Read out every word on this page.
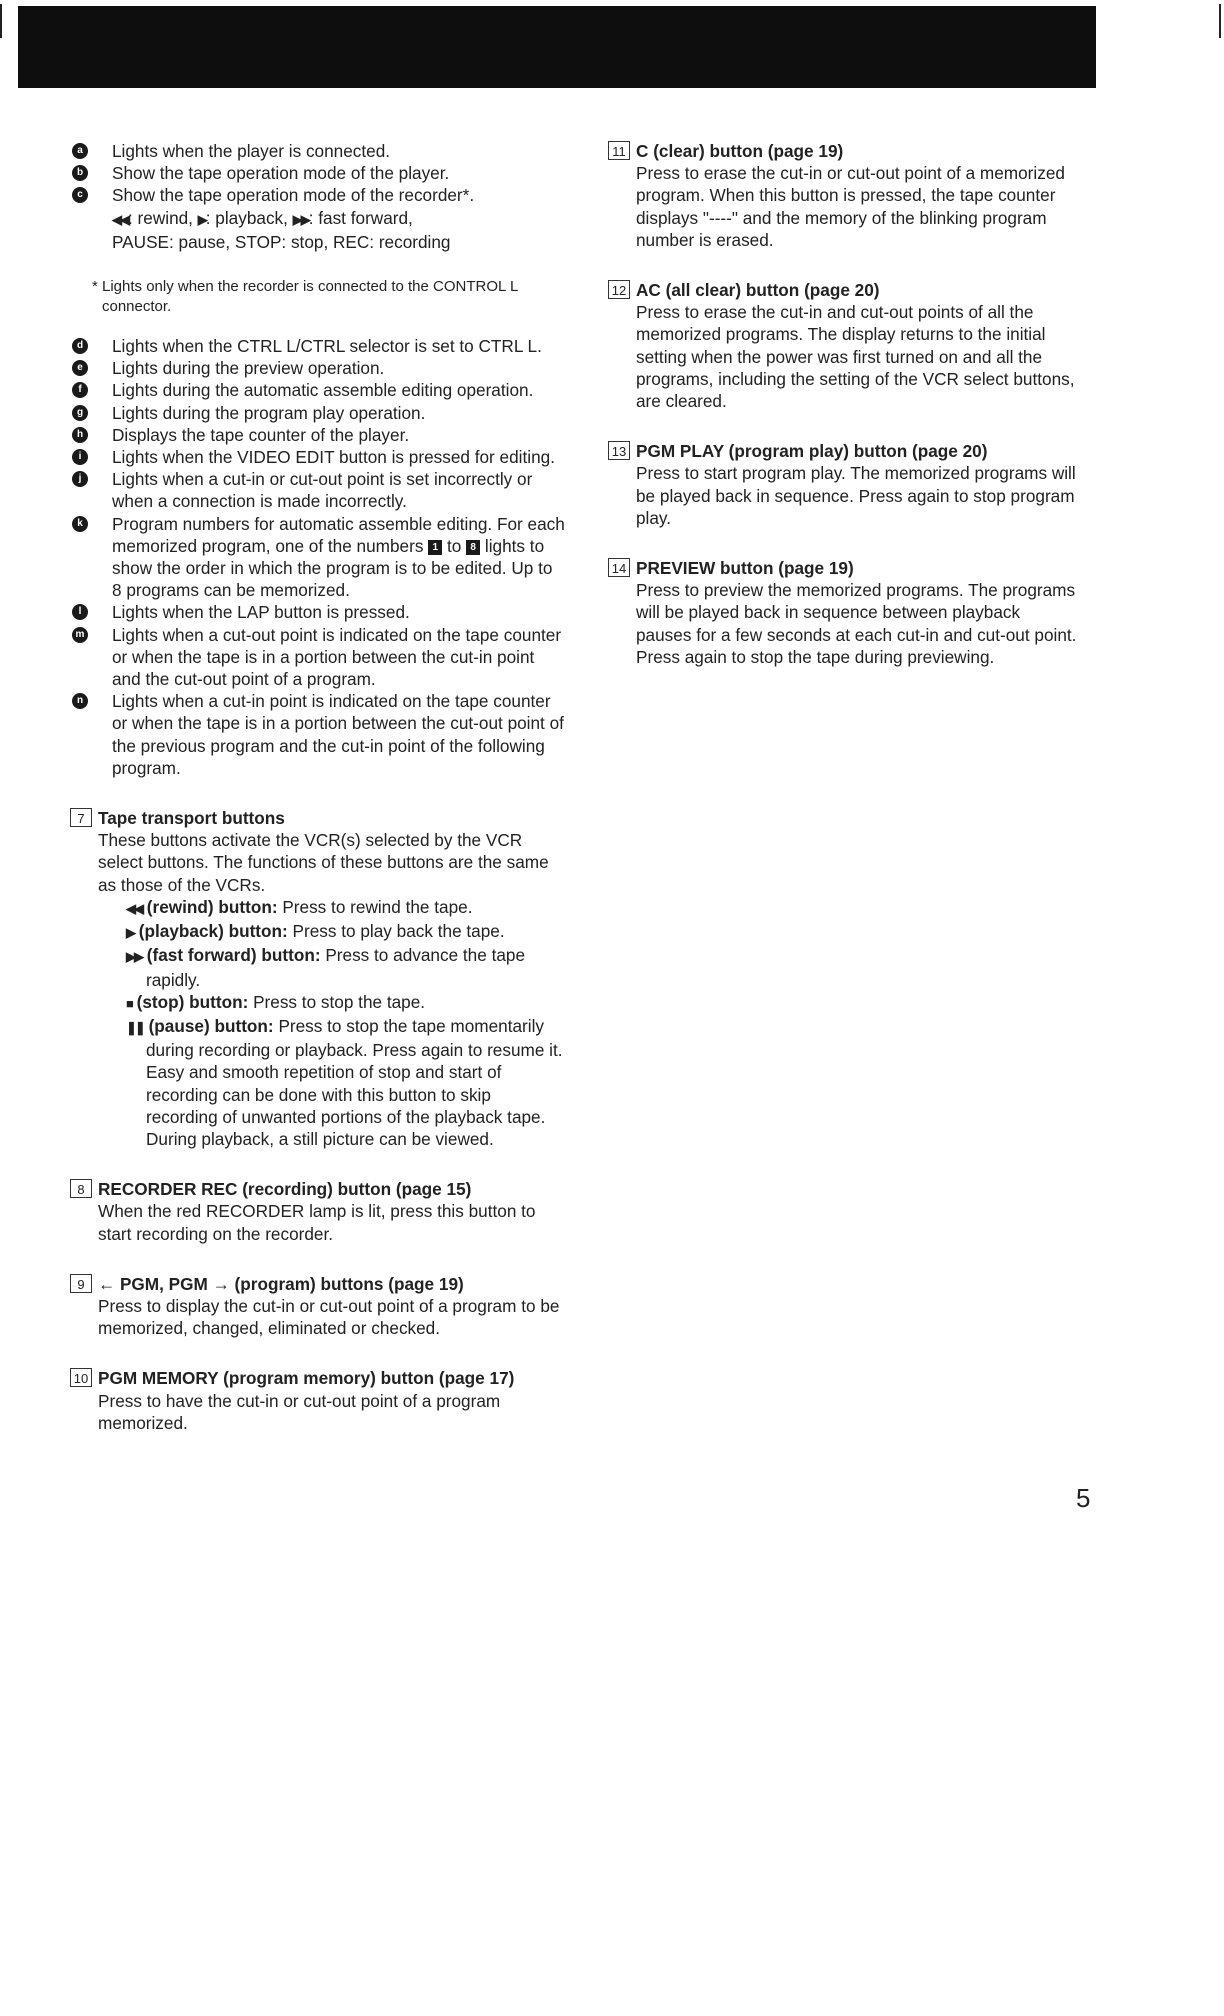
a	Lights when the player is connected.
b Show the tape operation mode of the player.
c	Show the tape operation mode of the recorder*.
◀◀: rewind, ▶: playback, ▶▶: fast forward,
PAUSE: pause, STOP: stop, REC: recording
* Lights only when the recorder is connected to the CONTROL L connector.
d Lights when the CTRL L/CTRL selector is set to CTRL L.
e	Lights during the preview operation.
f	Lights during the automatic assemble editing operation.
g Lights during the program play operation.
h Displays the tape counter of the player.
i	Lights when the VIDEO EDIT button is pressed for editing.
j	Lights when a cut-in or cut-out point is set incorrectly or when a connection is made incorrectly.
k	Program numbers for automatic assemble editing. For each memorized program, one of the numbers 1 to 8 lights to show the order in which the program is to be edited. Up to 8 programs can be memorized.
l	Lights when the LAP button is pressed.
m Lights when a cut-out point is indicated on the tape counter or when the tape is in a portion between the cut-in point and the cut-out point of a program.
n Lights when a cut-in point is indicated on the tape counter or when the tape is in a portion between the cut-out point of the previous program and the cut-in point of the following program.
7 Tape transport buttons
These buttons activate the VCR(s) selected by the VCR select buttons. The functions of these buttons are the same as those of the VCRs.
◀◀ (rewind) button: Press to rewind the tape.
▶ (playback) button: Press to play back the tape.
▶▶ (fast forward) button: Press to advance the tape rapidly.
■ (stop) button: Press to stop the tape.
❚❚ (pause) button: Press to stop the tape momentarily during recording or playback. Press again to resume it. Easy and smooth repetition of stop and start of recording can be done with this button to skip recording of unwanted portions of the playback tape. During playback, a still picture can be viewed.
8 RECORDER REC (recording) button (page 15)
When the red RECORDER lamp is lit, press this button to start recording on the recorder.
9 ← PGM, PGM → (program) buttons (page 19)
Press to display the cut-in or cut-out point of a program to be memorized, changed, eliminated or checked.
10 PGM MEMORY (program memory) button (page 17)
Press to have the cut-in or cut-out point of a program memorized.
11 C (clear) button (page 19)
Press to erase the cut-in or cut-out point of a memorized program. When this button is pressed, the tape counter displays "----" and the memory of the blinking program number is erased.
12 AC (all clear) button (page 20)
Press to erase the cut-in and cut-out points of all the memorized programs. The display returns to the initial setting when the power was first turned on and all the programs, including the setting of the VCR select buttons, are cleared.
13 PGM PLAY (program play) button (page 20)
Press to start program play. The memorized programs will be played back in sequence. Press again to stop program play.
14 PREVIEW button (page 19)
Press to preview the memorized programs. The programs will be played back in sequence between playback pauses for a few seconds at each cut-in and cut-out point. Press again to stop the tape during previewing.
5
